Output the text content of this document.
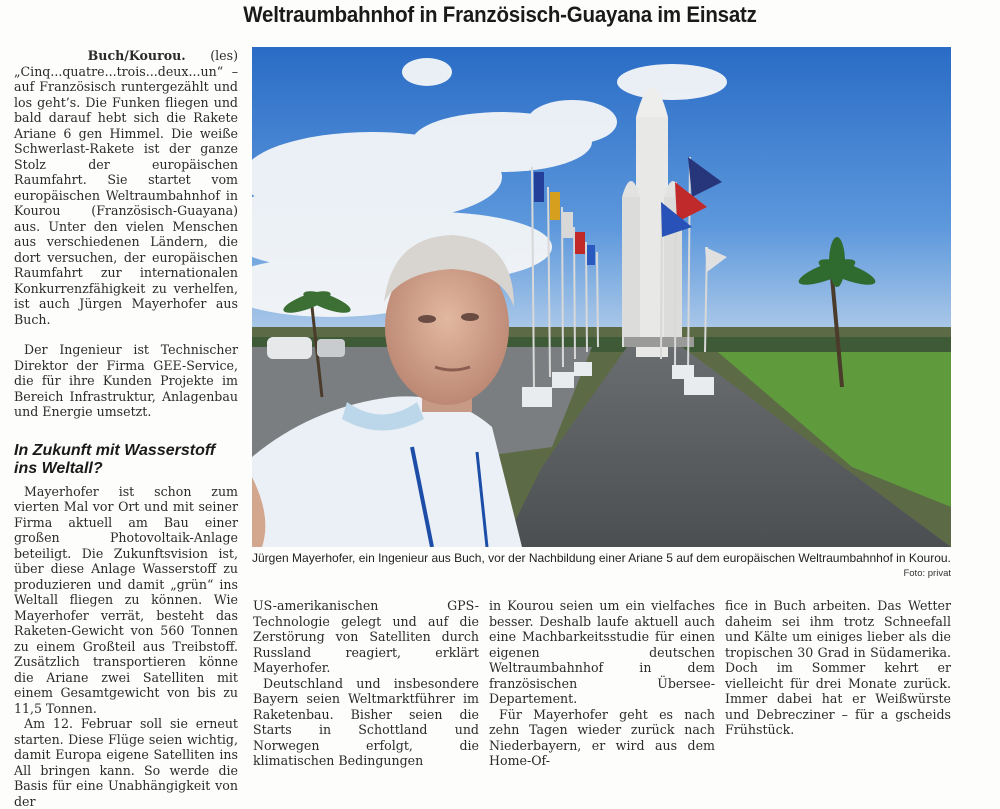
Weltraumbahnhof in Französisch-Guayana im Einsatz

Buch/Kourou. (les) „Cinq...quatre...trois...deux...un“ – auf Französisch runtergezählt und los geht’s. Die Funken fliegen und bald darauf hebt sich die Rakete Ariane 6 gen Himmel. Die weiße Schwerlast-Rakete ist der ganze Stolz der europäischen Raumfahrt. Sie startet vom europäischen Weltraumbahnhof in Kourou (Französisch-Guayana) aus. Unter den vielen Menschen aus verschiedenen Ländern, die dort versuchen, der europäischen Raumfahrt zur internationalen Konkurrenzfähigkeit zu verhelfen, ist auch Jürgen Mayerhofer aus Buch.

Der Ingenieur ist Technischer Direktor der Firma GEE-Service, die für ihre Kunden Projekte im Bereich Infrastruktur, Anlagenbau und Energie umsetzt.

In Zukunft mit Wasserstoff ins Weltall?

Mayerhofer ist schon zum vierten Mal vor Ort und mit seiner Firma aktuell am Bau einer großen Photovoltaik-Anlage beteiligt. Die Zukunftsvision ist, über diese Anlage Wasserstoff zu produzieren und damit „grün“ ins Weltall fliegen zu können. Wie Mayerhofer verrät, besteht das Raketen-Gewicht von 560 Tonnen zu einem Großteil aus Treibstoff. Zusätzlich transportieren könne die Ariane zwei Satelliten mit einem Gesamtgewicht von bis zu 11,5 Tonnen.

Am 12. Februar soll sie erneut starten. Diese Flüge seien wichtig, damit Europa eigene Satelliten ins All bringen kann. So werde die Basis für eine Unabhängigkeit von der

Jürgen Mayerhofer, ein Ingenieur aus Buch, vor der Nachbildung einer Ariane 5 auf dem europäischen Weltraumbahnhof in Kourou.
Foto: privat

US-amerikanischen GPS-Technologie gelegt und auf die Zerstörung von Satelliten durch Russland reagiert, erklärt Mayerhofer.

Deutschland und insbesondere Bayern seien Weltmarktführer im Raketenbau. Bisher seien die Starts in Schottland und Norwegen erfolgt, die klimatischen Bedingungen

in Kourou seien um ein vielfaches besser. Deshalb laufe aktuell auch eine Machbarkeitsstudie für einen eigenen deutschen Weltraumbahnhof in dem französischen Übersee-Departement.

Für Mayerhofer geht es nach zehn Tagen wieder zurück nach Niederbayern, er wird aus dem Home-Of-

fice in Buch arbeiten. Das Wetter daheim sei ihm trotz Schneefall und Kälte um einiges lieber als die tropischen 30 Grad in Südamerika. Doch im Sommer kehrt er vielleicht für drei Monate zurück. Immer dabei hat er Weißwürste und Debrecziner – für a gscheids Frühstück.
